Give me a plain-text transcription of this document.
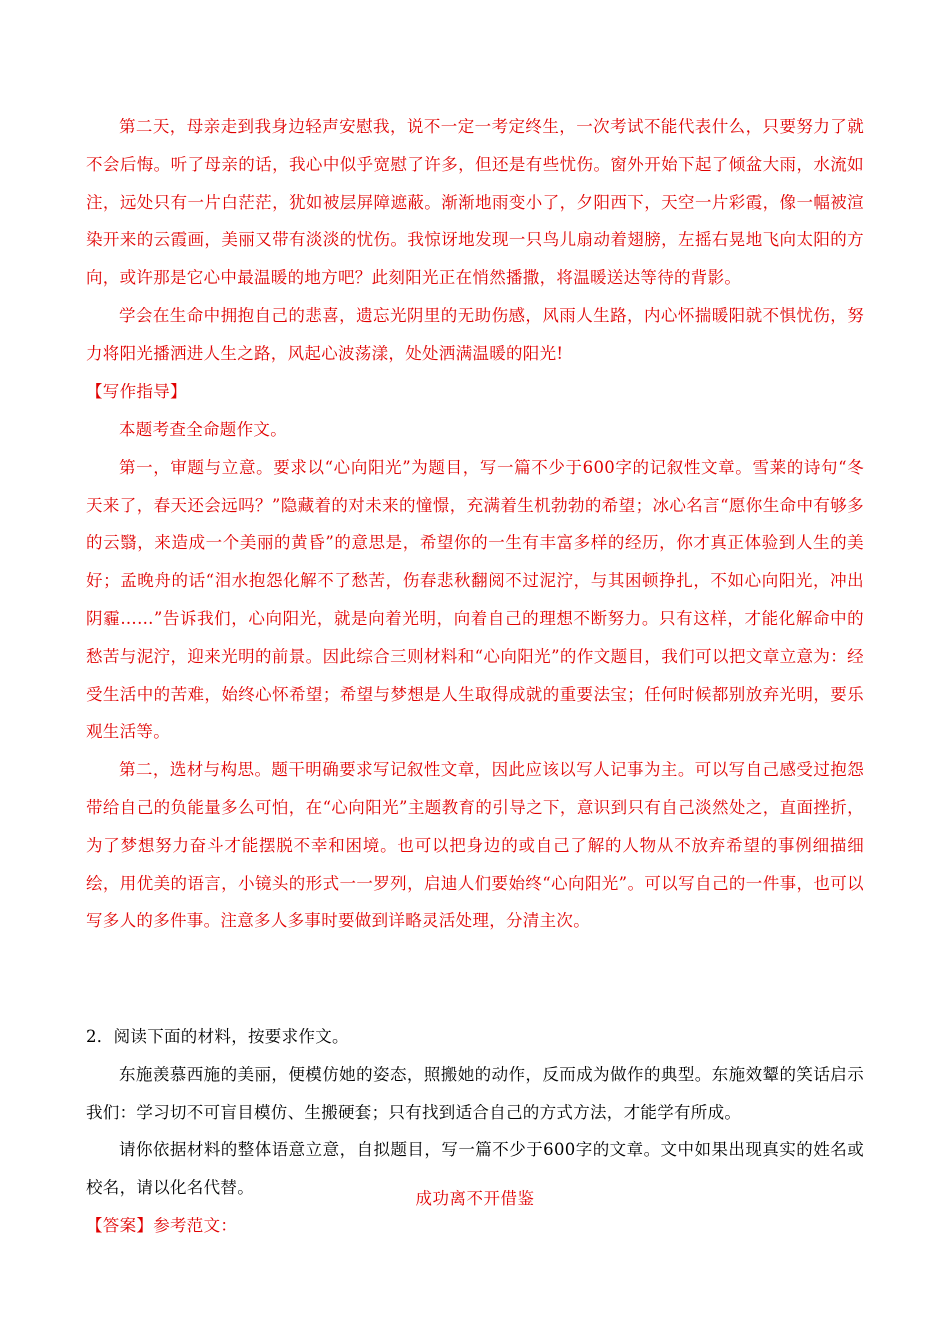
第二天，母亲走到我身边轻声安慰我，说不一定一考定终生，一次考试不能代表什么，只要努力了就不会后悔。听了母亲的话，我心中似乎宽慰了许多，但还是有些忧伤。窗外开始下起了倾盆大雨，水流如注，远处只有一片白茫茫，犹如被层屏障遮蔽。渐渐地雨变小了，夕阳西下，天空一片彩霞，像一幅被渲染开来的云霞画，美丽又带有淡淡的忧伤。我惊讶地发现一只鸟儿扇动着翅膀，左摇右晃地飞向太阳的方向，或许那是它心中最温暖的地方吧？此刻阳光正在悄然播撒，将温暖送达等待的背影。

学会在生命中拥抱自己的悲喜，遗忘光阴里的无助伤感，风雨人生路，内心怀揣暖阳就不惧忧伤，努力将阳光播洒进人生之路，风起心波荡漾，处处洒满温暖的阳光!

【写作指导】

本题考查全命题作文。

第一，审题与立意。要求以“心向阳光”为题目，写一篇不少于600字的记叙性文章。雪莱的诗句“冬天来了，春天还会远吗？”隐藏着的对未来的憧憬，充满着生机勃勃的希望；冰心名言“愿你生命中有够多的云翳，来造成一个美丽的黄昏”的意思是，希望你的一生有丰富多样的经历，你才真正体验到人生的美好；孟晚舟的话“泪水抱怨化解不了愁苦，伤春悲秋翻阅不过泥泞，与其困顿挣扎，不如心向阳光，冲出阴霾……”告诉我们，心向阳光，就是向着光明，向着自己的理想不断努力。只有这样，才能化解命中的愁苦与泥泞，迎来光明的前景。因此综合三则材料和“心向阳光”的作文题目，我们可以把文章立意为：经受生活中的苦难，始终心怀希望；希望与梦想是人生取得成就的重要法宝；任何时候都别放弃光明，要乐观生活等。

第二，选材与构思。题干明确要求写记叙性文章，因此应该以写人记事为主。可以写自己感受过抱怨带给自己的负能量多么可怕，在“心向阳光”主题教育的引导之下，意识到只有自己淡然处之，直面挫折，为了梦想努力奋斗才能摆脱不幸和困境。也可以把身边的或自己了解的人物从不放弃希望的事例细描细绘，用优美的语言，小镜头的形式一一罗列，启迪人们要始终“心向阳光”。可以写自己的一件事，也可以写多人的多件事。注意多人多事时要做到详略灵活处理，分清主次。

2．阅读下面的材料，按要求作文。

东施羡慕西施的美丽，便模仿她的姿态，照搬她的动作，反而成为做作的典型。东施效颦的笑话启示我们：学习切不可盲目模仿、生搬硬套；只有找到适合自己的方式方法，才能学有所成。

请你依据材料的整体语意立意，自拟题目，写一篇不少于600字的文章。文中如果出现真实的姓名或校名，请以化名代替。

【答案】参考范文：

成功离不开借鉴
